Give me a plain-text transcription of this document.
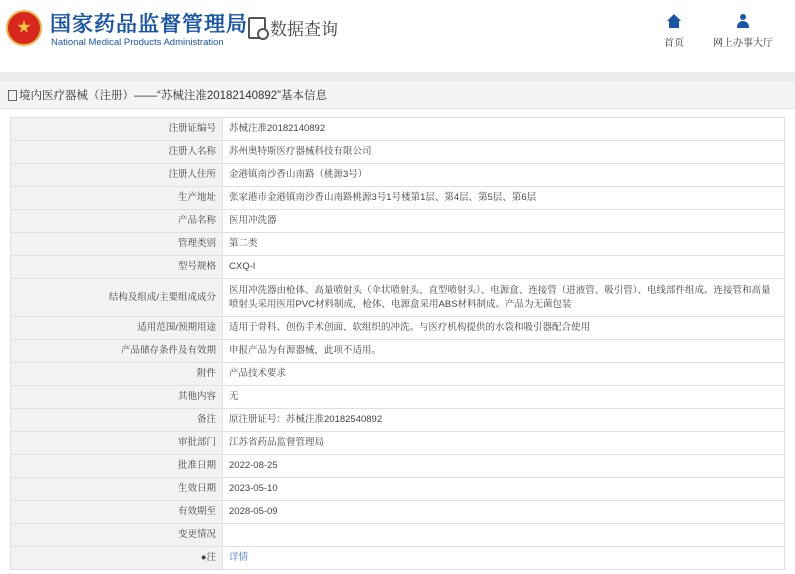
国家药品监督管理局
National Medical Products Administration
数据查询
首页	网上办事大厅
境内医疗器械（注册）——“苏械注准20182140892”基本信息
注册证编号	苏械注准20182140892
注册人名称	苏州奥特斯医疗器械科技有限公司
注册人住所	金港镇南沙香山南路（桃源3号）
生产地址	张家港市金港镇南沙香山南路桃源3号1号楼第1层、第4层、第5层、第6层
产品名称	医用冲洗器
管理类别	第二类
型号规格	CXQ-I
结构及组成/主要组成成分	医用冲洗器由枪体、高量喷射头（伞状喷射头、直型喷射头）、电源盒、连接管（进液管、吸引管）、电线部件组成。连接管和高量喷射头采用医用PVC材料制成，枪体、电源盒采用ABS材料制成。产品为无菌包装
适用范围/预期用途	适用于骨科、创伤手术创面、软组织的冲洗。与医疗机构提供的水袋和吸引器配合使用
产品储存条件及有效期	申报产品为有源器械，此项不适用。
附件	产品技术要求
其他内容	无
备注	原注册证号：苏械注准20182540892
审批部门	江苏省药品监督管理局
批准日期	2022-08-25
生效日期	2023-05-10
有效期至	2028-05-09
变更情况	
●注	详情
